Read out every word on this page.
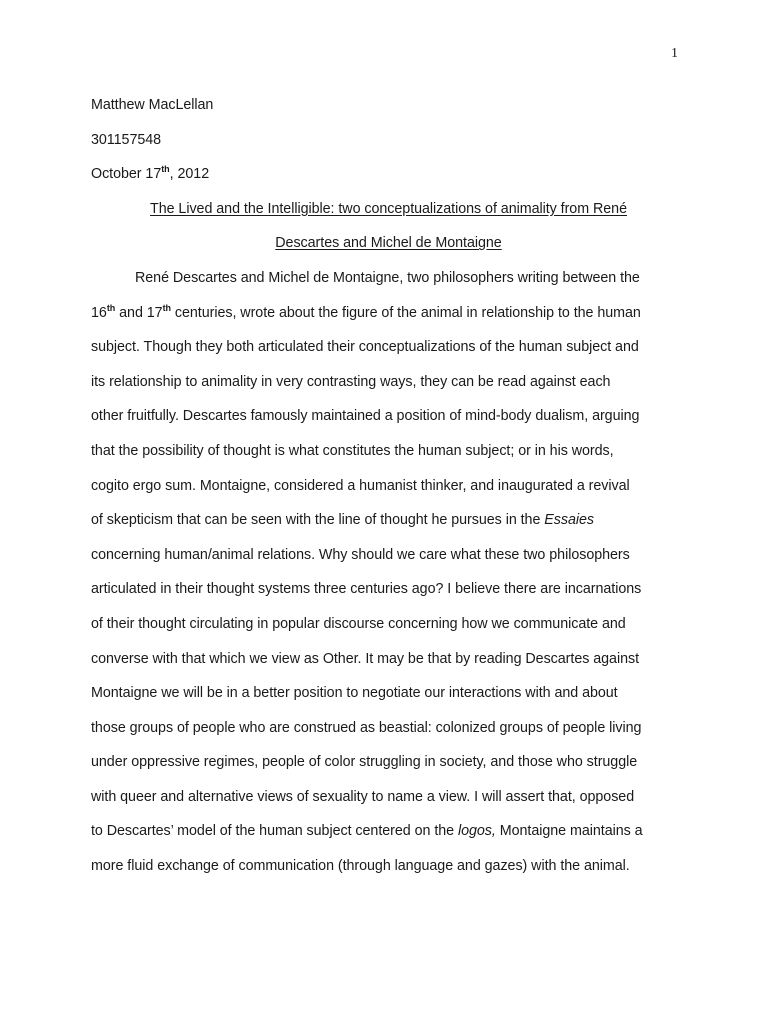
1
Matthew MacLellan
301157548
October 17th, 2012
The Lived and the Intelligible: two conceptualizations of animality from René
Descartes and Michel de Montaigne
René Descartes and Michel de Montaigne, two philosophers writing between the
16th and 17th centuries, wrote about the figure of the animal in relationship to the human
subject. Though they both articulated their conceptualizations of the human subject and
its relationship to animality in very contrasting ways, they can be read against each
other fruitfully. Descartes famously maintained a position of mind-body dualism, arguing
that the possibility of thought is what constitutes the human subject; or in his words,
cogito ergo sum. Montaigne, considered a humanist thinker, and inaugurated a revival
of skepticism that can be seen with the line of thought he pursues in the Essaies
concerning human/animal relations. Why should we care what these two philosophers
articulated in their thought systems three centuries ago? I believe there are incarnations
of their thought circulating in popular discourse concerning how we communicate and
converse with that which we view as Other. It may be that by reading Descartes against
Montaigne we will be in a better position to negotiate our interactions with and about
those groups of people who are construed as beastial: colonized groups of people living
under oppressive regimes, people of color struggling in society, and those who struggle
with queer and alternative views of sexuality to name a view. I will assert that, opposed
to Descartes’ model of the human subject centered on the logos, Montaigne maintains a
more fluid exchange of communication (through language and gazes) with the animal.
